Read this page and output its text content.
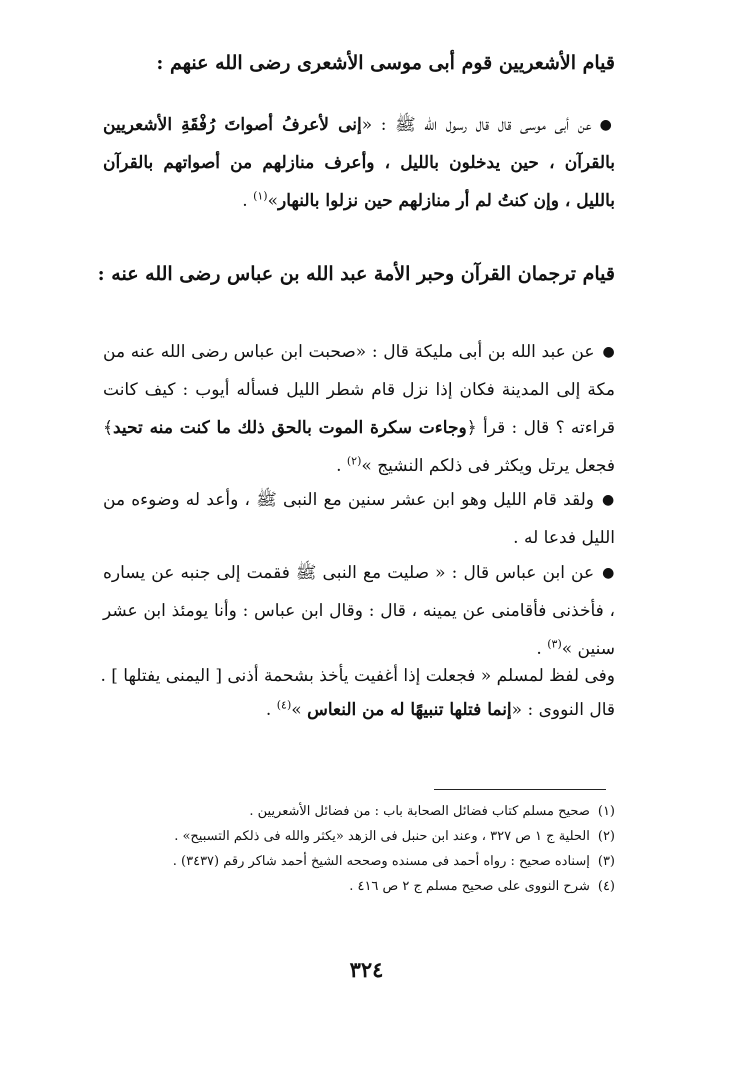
قيام الأشعريين قوم أبى موسى الأشعرى رضى الله عنهم :
●عن أبى موسى قال قال رسول الله ﷺ : «إنى لأعرفُ أصواتَ رُفْقَةِ الأشعريين بالقرآن ، حين يدخلون بالليل ، وأعرف منازلهم من أصواتهم بالقرآن بالليل ، وإن كنتُ لم أر منازلهم حين نزلوا بالنهار»$^{(١)}$ .
قيام ترجمان القرآن وحبر الأمة عبد الله بن عباس رضى الله عنه :
●عن عبد الله بن أبى مليكة قال : «صحبت ابن عباس رضى الله عنه من مكة إلى المدينة فكان إذا نزل قام شطر الليل فسأله أيوب : كيف كانت قراءته ؟ قال : قرأ ﴿وجاءت سكرة الموت بالحق ذلك ما كنت منه تحيد﴾ فجعل يرتل ويكثر فى ذلكم النشيج »$^{(٢)}$ .
●ولقد قام الليل وهو ابن عشر سنين مع النبى ﷺ ، وأعد له وضوءه من الليل فدعا له .
●عن ابن عباس قال : « صليت مع النبى ﷺ فقمت إلى جنبه عن يساره ، فأخذنى فأقامنى عن يمينه ، قال : وقال ابن عباس : وأنا يومئذ ابن عشر سنين »$^{(٣)}$ .
وفى لفظ لمسلم « فجعلت إذا أغفيت يأخذ بشحمة أذنى [ اليمنى يفتلها ] .
قال النووى : «إنما فتلها تنبيهًا له من النعاس »$^{(٤)}$ .
(١)صحيح مسلم كتاب فضائل الصحابة باب : من فضائل الأشعريين .
(٢)الحلية ج ١ ص ٣٢٧ ، وعند ابن حنبل فى الزهد «يكثر والله فى ذلكم التسبيح» .
(٣)إسناده صحيح : رواه أحمد فى مسنده وصححه الشيخ أحمد شاكر رقم (٣٤٣٧) .
(٤)شرح النووى على صحيح مسلم ج ٢ ص ٤١٦ .
٣٢٤
